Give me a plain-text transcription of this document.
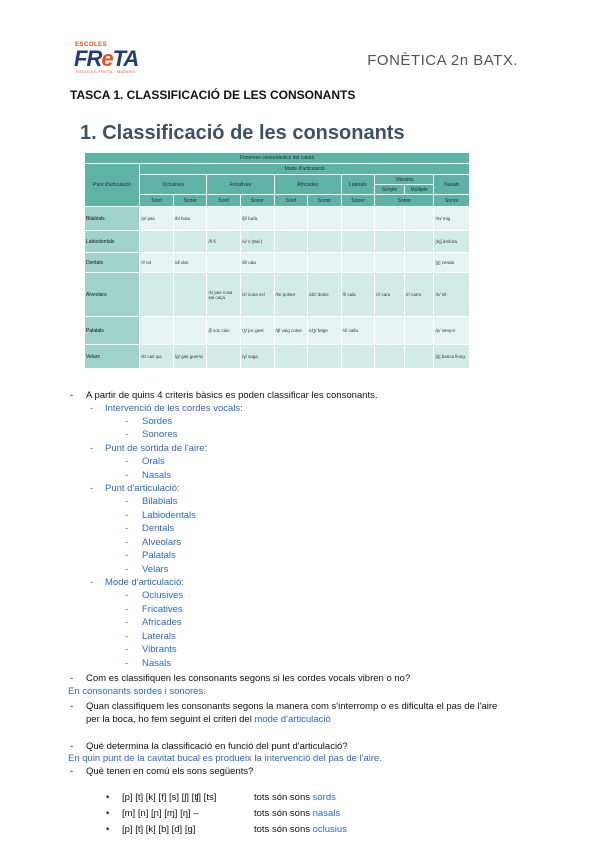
ESCOLES
FReTA
ESCOLES FRETA · MATARÓ
FONÈTICA 2n BATX.
TASCA 1. CLASSIFICACIÓ DE LES CONSONANTS
1. Classificació de les consonants
Fonemes consonàntics del català										
Punt d'articulació	Mode d'articulació									
	Oclusives		Fricatives		Africades		Laterals	Vibrants		Nasals
								Simple	Múltiple	
	Sord	Sonor	Sord	Sonor	Sord	Sonor	Sonor	Sonor		Sonor
Bilabials	/p/ pas	/b/ bota		/β/ bufa						/m/ mig
Labiodentals			/f/ fi	/v/ v (Bal.)						[ɱ] àmfora
Dentals	/t/ tot	/d/ dos		/ð/ oda						[n̪] zenda
Alveolars			/s/ pas cosa sal caça	/z/ zona zel	/ts/ potser	/dz/ dotze	/l/ cala	/ɾ/ cara	/r/ carro	/n/ nit
Palatals			/ʃ/ xoc caix	/ʒ/ joc gest	/tʃ/ vaig cotxe	/dʒ/ fetge	/ʎ/ calla			/ɲ/ senyor
Velars	/k/ cas qui	/g/ gas guerra		/ɣ/ saga						[ŋ] banca llong
- A partir de quins 4 criteris bàsics es poden classificar les consonants.
- Intervenció de les cordes vocals:
- Sordes
- Sonores
- Punt de sortida de l'aire:
- Orals
- Nasals
- Punt d'articulació:
- Bilabials
- Labiodentals
- Dentals
- Alveolars
- Palatals
- Velars
- Mode d'articulació:
- Oclusives
- Fricatives
- Africades
- Laterals
- Vibrants
- Nasals
- Com es classifiquen les consonants segons si les cordes vocals vibren o no?
En consonants sordes i sonores.
- Quan classifiquem les consonants segons la manera com s'interromp o es dificulta el pas de l'aire
per la boca, ho fem seguint el criteri del mode d'articulació
- Què determina la classificació en funció del punt d'articulació?
En quin punt de la cavitat bucal es produeix la intervenció del pas de l'aire.
- Què tenen en comú els sons següents?
• [p] [t] [k] [f] [s] [ʃ] [ʧ] [ts]	tots són sons sords
• [m] [n] [ɲ] [ɱ] [ŋ] –	tots són sons nasals
• [p] [t] [k] [b] [d] [g]	tots són sons oclusius
